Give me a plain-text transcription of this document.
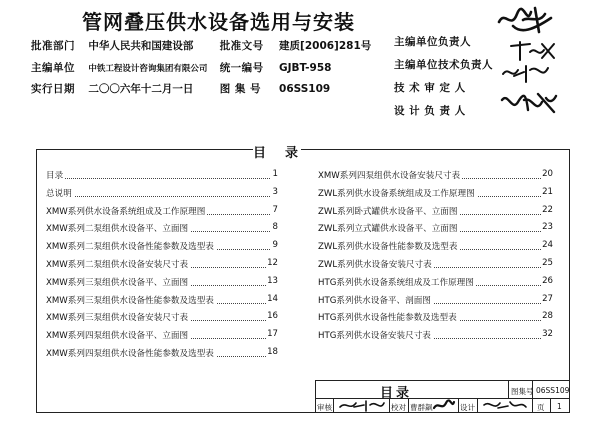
管网叠压供水设备选用与安装
批准部门 中华人民共和国建设部	批准文号 建质[2006]281号
主编单位 中铁工程设计咨询集团有限公司 统一编号 GJBT-958
实行日期 二〇〇六年十二月一日	图 集 号 06SS109
主编单位负责人
主编单位技术负责人
技 术 审 定 人
设 计 负 责 人
目　录
目录	1
总说明	3
XMW系列供水设备系统组成及工作原理图	7
XMW系列二泵组供水设备平、立面图	8
XMW系列二泵组供水设备性能参数及选型表	9
XMW系列二泵组供水设备安装尺寸表	12
XMW系列三泵组供水设备平、立面图	13
XMW系列三泵组供水设备性能参数及选型表	14
XMW系列三泵组供水设备安装尺寸表	16
XMW系列四泵组供水设备平、立面图	17
XMW系列四泵组供水设备性能参数及选型表	18
XMW系列四泵组供水设备安装尺寸表	20
ZWL系列供水设备系统组成及工作原理图	21
ZWL系列卧式罐供水设备平、立面图	22
ZWL系列立式罐供水设备平、立面图	23
ZWL系列供水设备性能参数及选型表	24
ZWL系列供水设备安装尺寸表	25
HTG系列供水设备系统组成及工作原理图	26
HTG系列供水设备平、剖面图	27
HTG系列供水设备性能参数及选型表	28
HTG系列供水设备安装尺寸表	32
目录	图集号 06SS109
审核	校对 曹群飙	设计	页 1
